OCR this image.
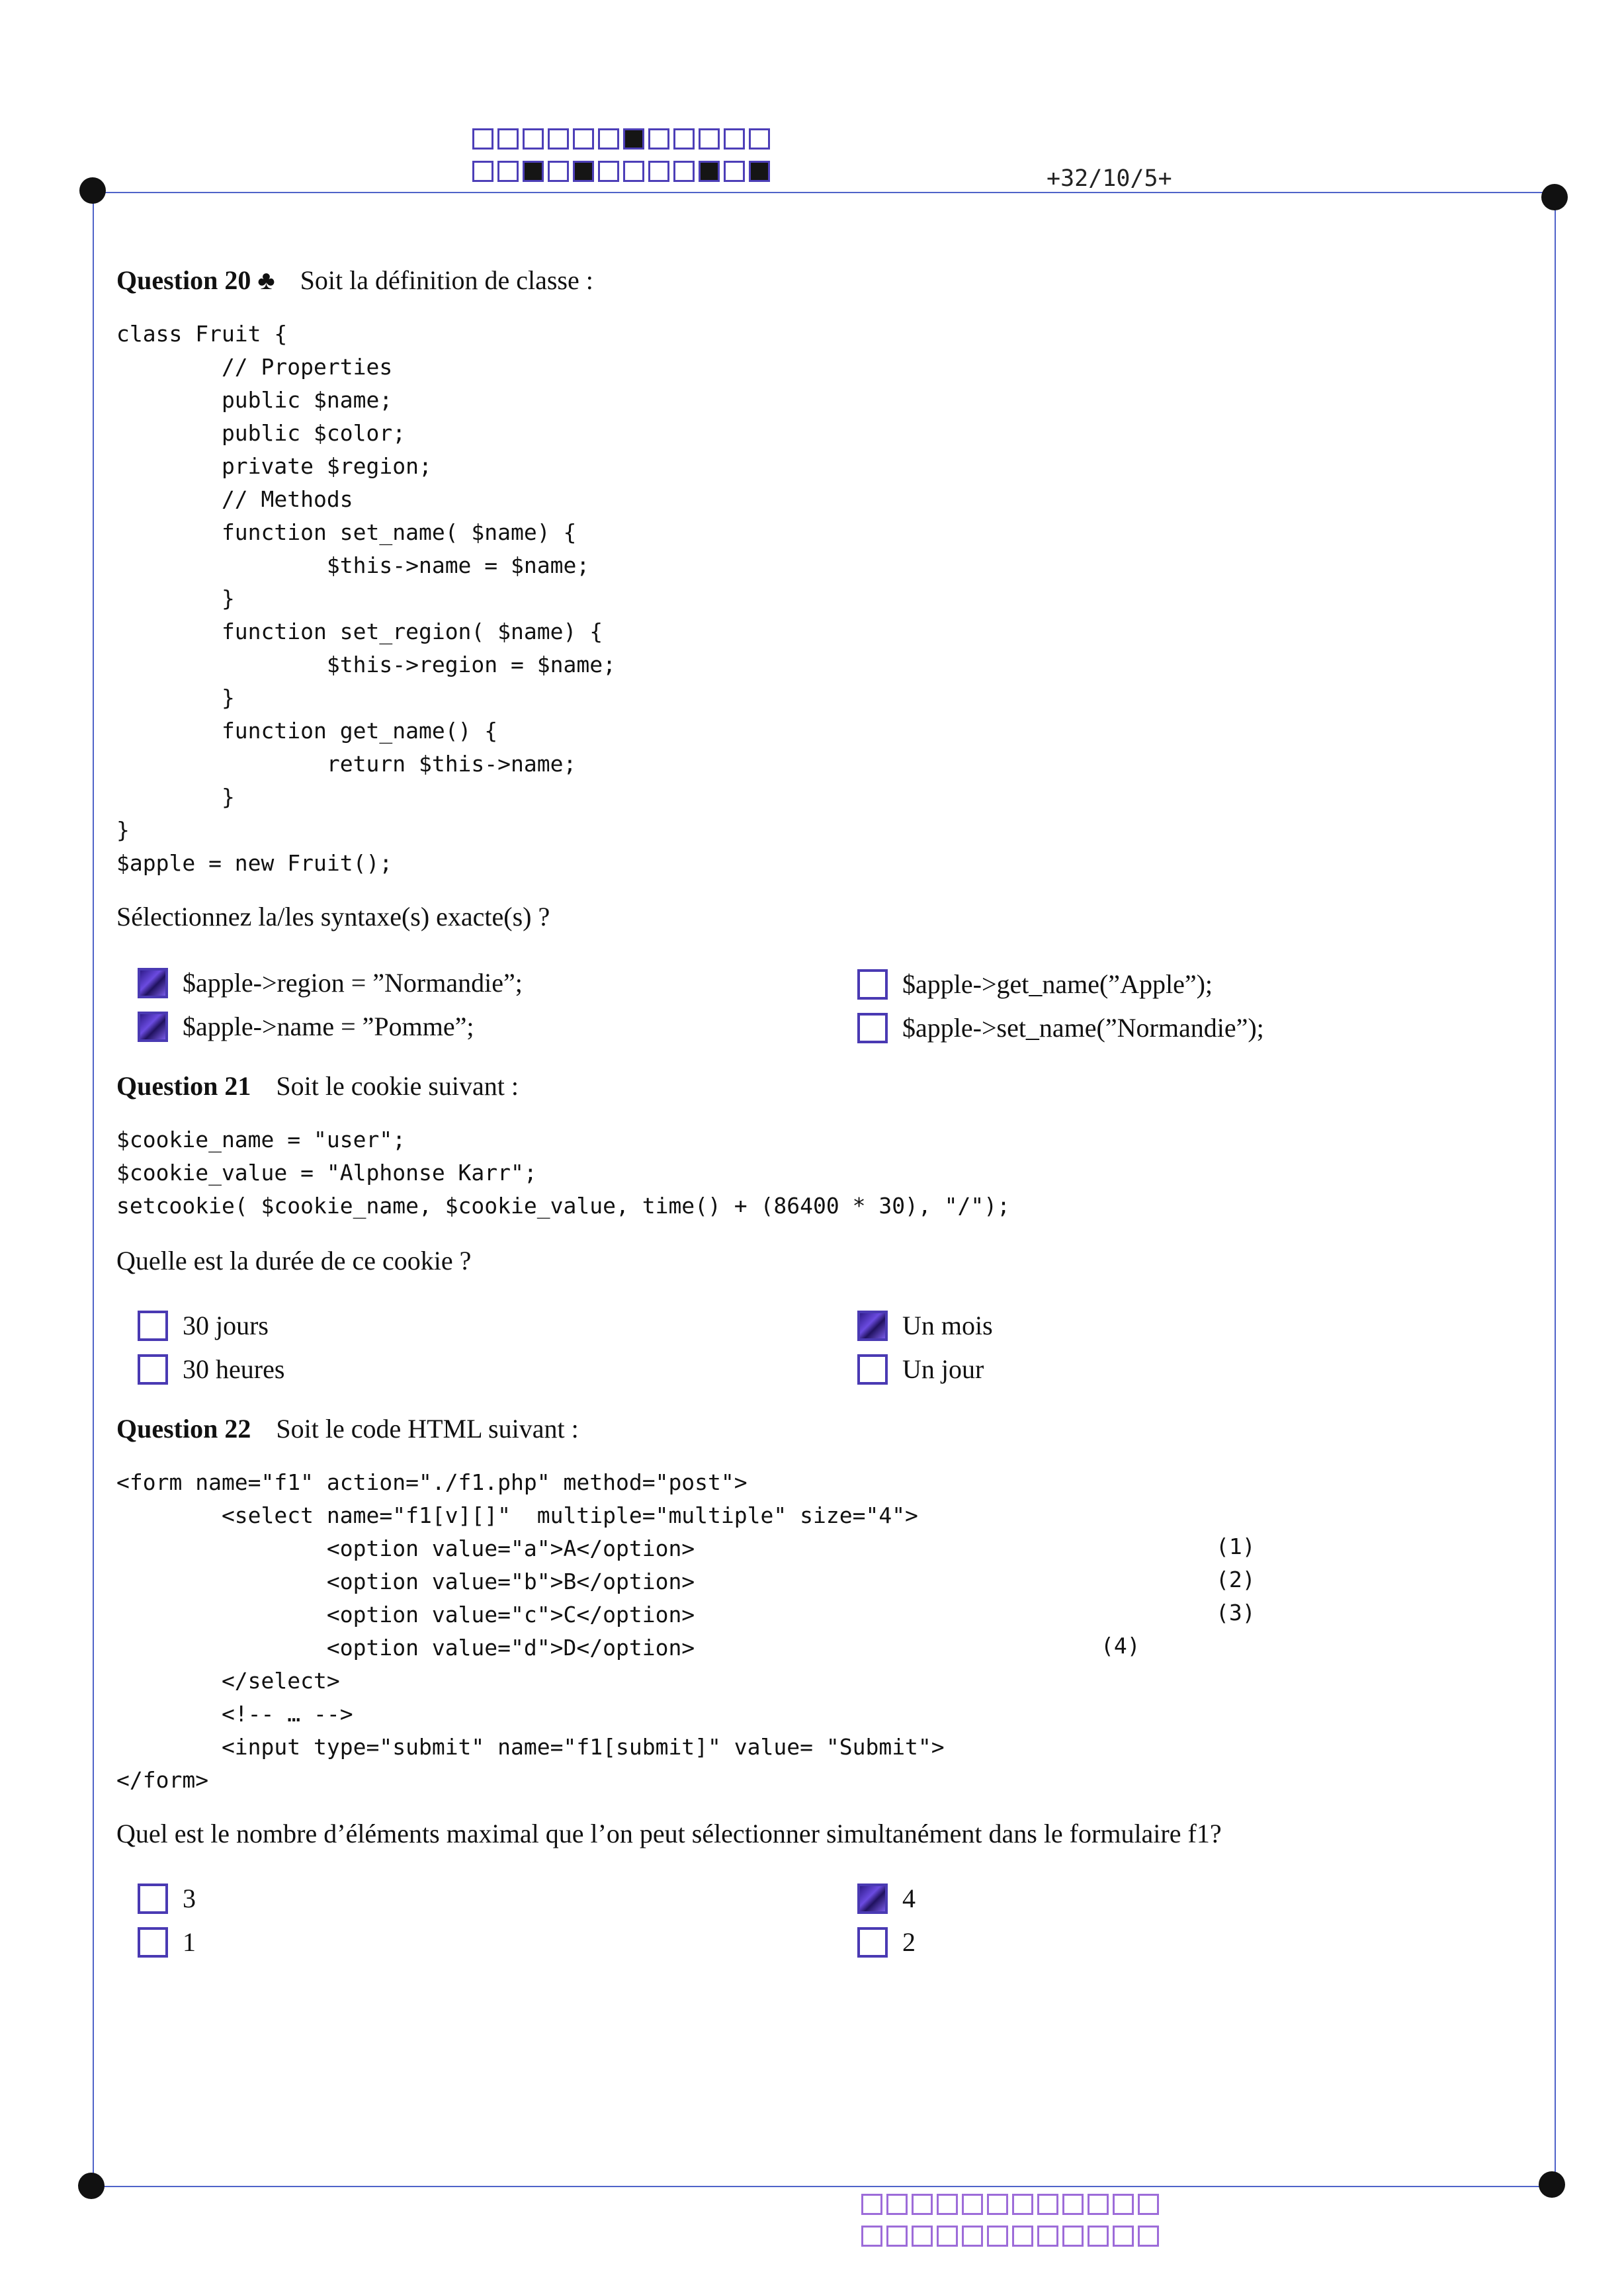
+32/10/5+
Question 20 ♣ Soit la définition de classe :
class Fruit {
// Properties
public $name;
public $color;
private $region;
// Methods
function set_name( $name) {
$this->name = $name;
}
function set_region( $name) {
$this->region = $name;
}
function get_name() {
return $this->name;
}
}
$apple = new Fruit();
Sélectionnez la/les syntaxe(s) exacte(s) ?
$apple->region = ”Normandie”;
$apple->name = ”Pomme”;
$apple->get_name(”Apple”);
$apple->set_name(”Normandie”);
Question 21 Soit le cookie suivant :
$cookie_name = "user";
$cookie_value = "Alphonse Karr";
setcookie( $cookie_name, $cookie_value, time() + (86400 * 30), "/");
Quelle est la durée de ce cookie ?
30 jours
30 heures
Un mois
Un jour
Question 22 Soit le code HTML suivant :
<form name="f1" action="./f1.php" method="post">
<select name="f1[v][]"  multiple="multiple" size="4">
<option value="a">A</option>
<option value="b">B</option>
<option value="c">C</option>
<option value="d">D</option>
</select>
<!-- … -->
<input type="submit" name="f1[submit]" value= "Submit">
</form>
(1)
(2)
(3)
(4)
Quel est le nombre d’éléments maximal que l’on peut sélectionner simultanément dans le formulaire f1?
3
1
4
2
